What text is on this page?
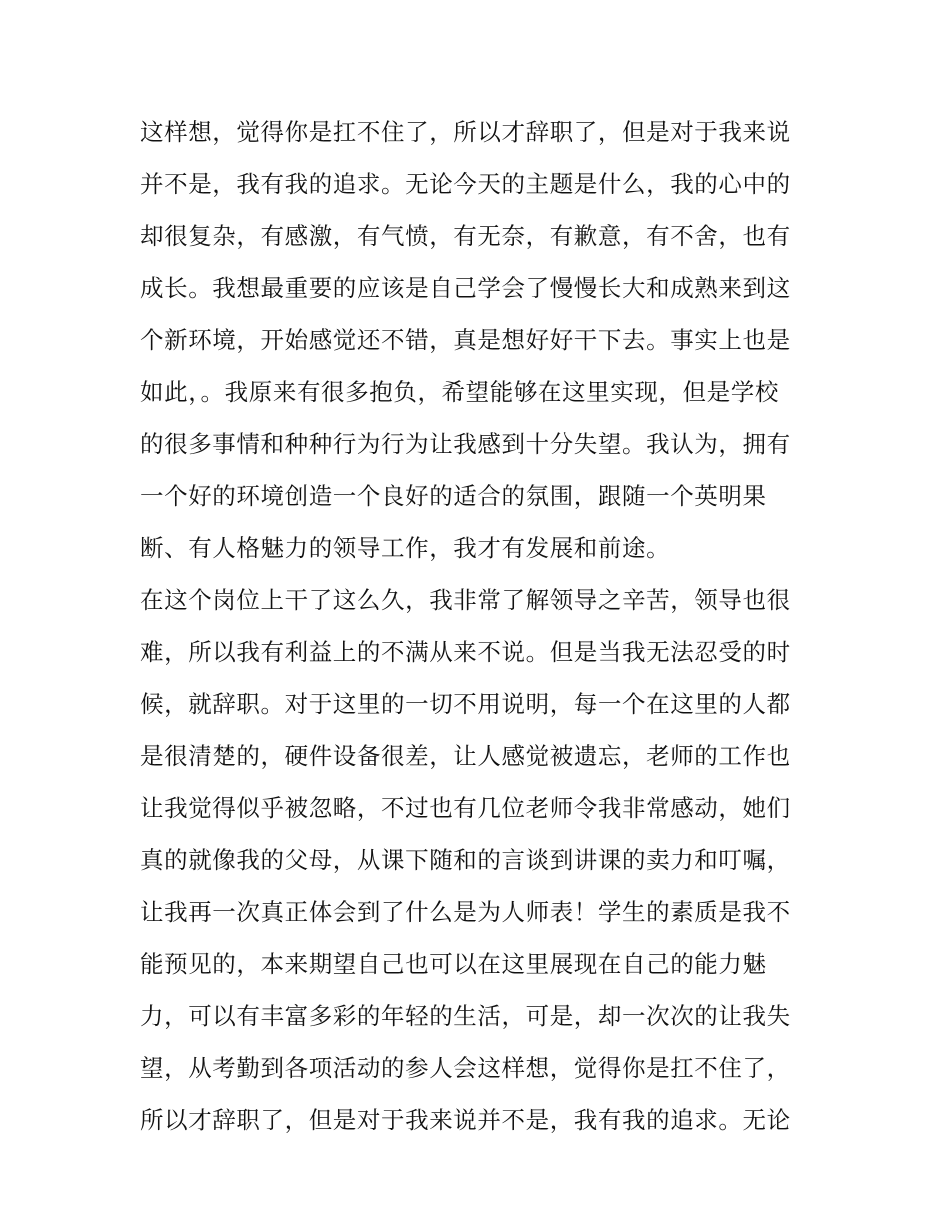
这样想，觉得你是扛不住了，所以才辞职了，但是对于我来说
并不是，我有我的追求。无论今天的主题是什么，我的心中的
却很复杂，有感激，有气愤，有无奈，有歉意，有不舍，也有
成长。我想最重要的应该是自己学会了慢慢长大和成熟来到这
个新环境，开始感觉还不错，真是想好好干下去。事实上也是
如此，。我原来有很多抱负，希望能够在这里实现，但是学校
的很多事情和种种行为行为让我感到十分失望。我认为，拥有
一个好的环境创造一个良好的适合的氛围，跟随一个英明果
断、有人格魅力的领导工作，我才有发展和前途。
在这个岗位上干了这么久，我非常了解领导之辛苦，领导也很
难，所以我有利益上的不满从来不说。但是当我无法忍受的时
候，就辞职。对于这里的一切不用说明，每一个在这里的人都
是很清楚的，硬件设备很差，让人感觉被遗忘，老师的工作也
让我觉得似乎被忽略，不过也有几位老师令我非常感动，她们
真的就像我的父母，从课下随和的言谈到讲课的卖力和叮嘱，
让我再一次真正体会到了什么是为人师表！学生的素质是我不
能预见的，本来期望自己也可以在这里展现在自己的能力魅
力，可以有丰富多彩的年轻的生活，可是，却一次次的让我失
望，从考勤到各项活动的参人会这样想，觉得你是扛不住了，
所以才辞职了，但是对于我来说并不是，我有我的追求。无论
